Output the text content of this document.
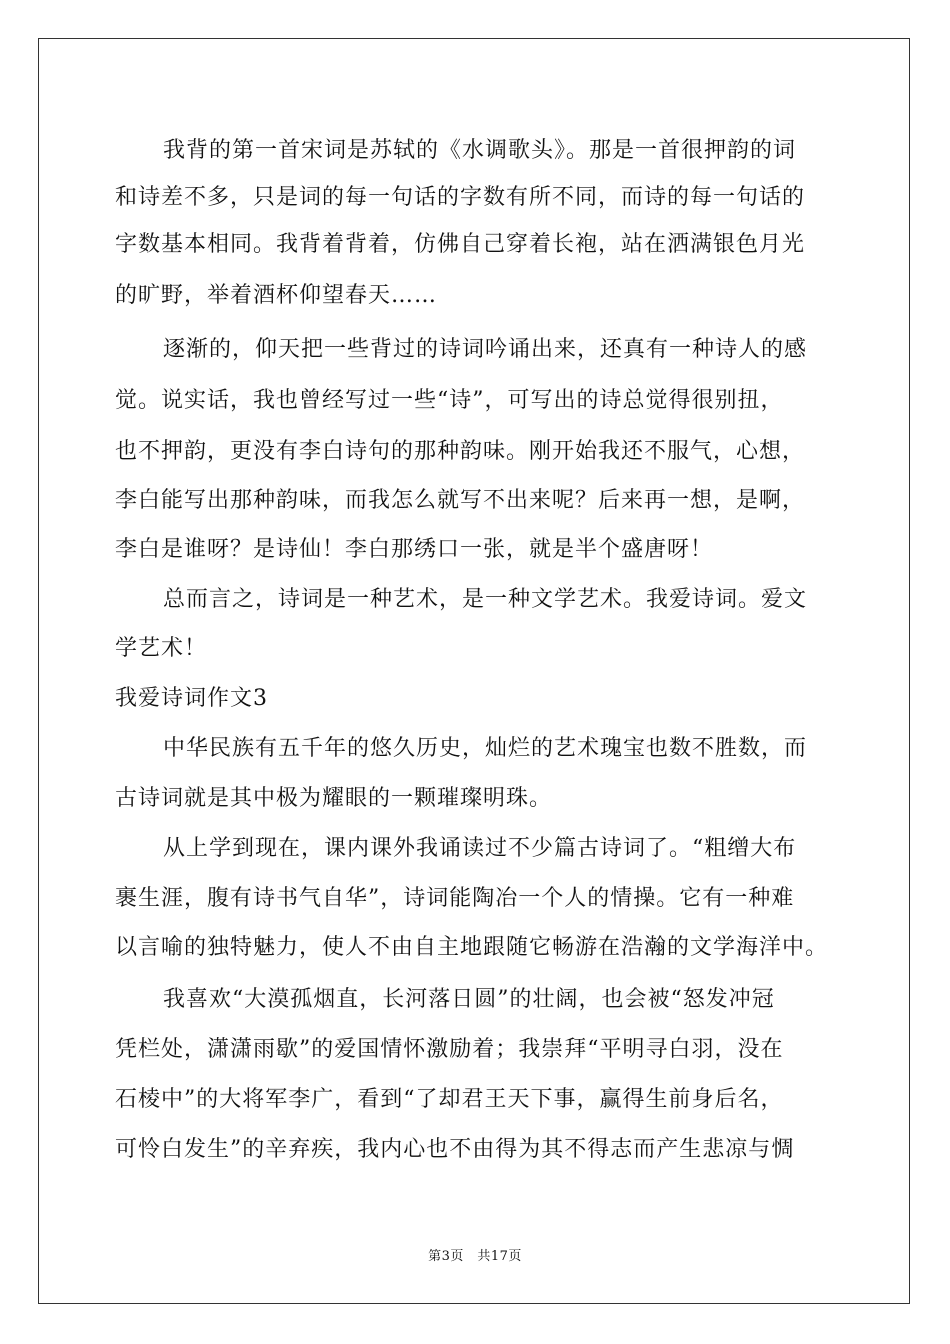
我背的第一首宋词是苏轼的《水调歌头》。那是一首很押韵的词
和诗差不多，只是词的每一句话的字数有所不同，而诗的每一句话的
字数基本相同。我背着背着，仿佛自己穿着长袍，站在洒满银色月光
的旷野，举着酒杯仰望春天……
逐渐的，仰天把一些背过的诗词吟诵出来，还真有一种诗人的感
觉。说实话，我也曾经写过一些“诗”，可写出的诗总觉得很别扭，
也不押韵，更没有李白诗句的那种韵味。刚开始我还不服气，心想，
李白能写出那种韵味，而我怎么就写不出来呢？后来再一想，是啊，
李白是谁呀？是诗仙！李白那绣口一张，就是半个盛唐呀！
总而言之，诗词是一种艺术，是一种文学艺术。我爱诗词。爱文
学艺术！
我爱诗词作文3
中华民族有五千年的悠久历史，灿烂的艺术瑰宝也数不胜数，而
古诗词就是其中极为耀眼的一颗璀璨明珠。
从上学到现在，课内课外我诵读过不少篇古诗词了。“粗缯大布
裹生涯，腹有诗书气自华”，诗词能陶冶一个人的情操。它有一种难
以言喻的独特魅力，使人不由自主地跟随它畅游在浩瀚的文学海洋中。
我喜欢“大漠孤烟直，长河落日圆”的壮阔，也会被“怒发冲冠
凭栏处，潇潇雨歇”的爱国情怀激励着；我崇拜“平明寻白羽，没在
石棱中”的大将军李广，看到“了却君王天下事，赢得生前身后名，
可怜白发生”的辛弃疾，我内心也不由得为其不得志而产生悲凉与惆
第3页　共17页
